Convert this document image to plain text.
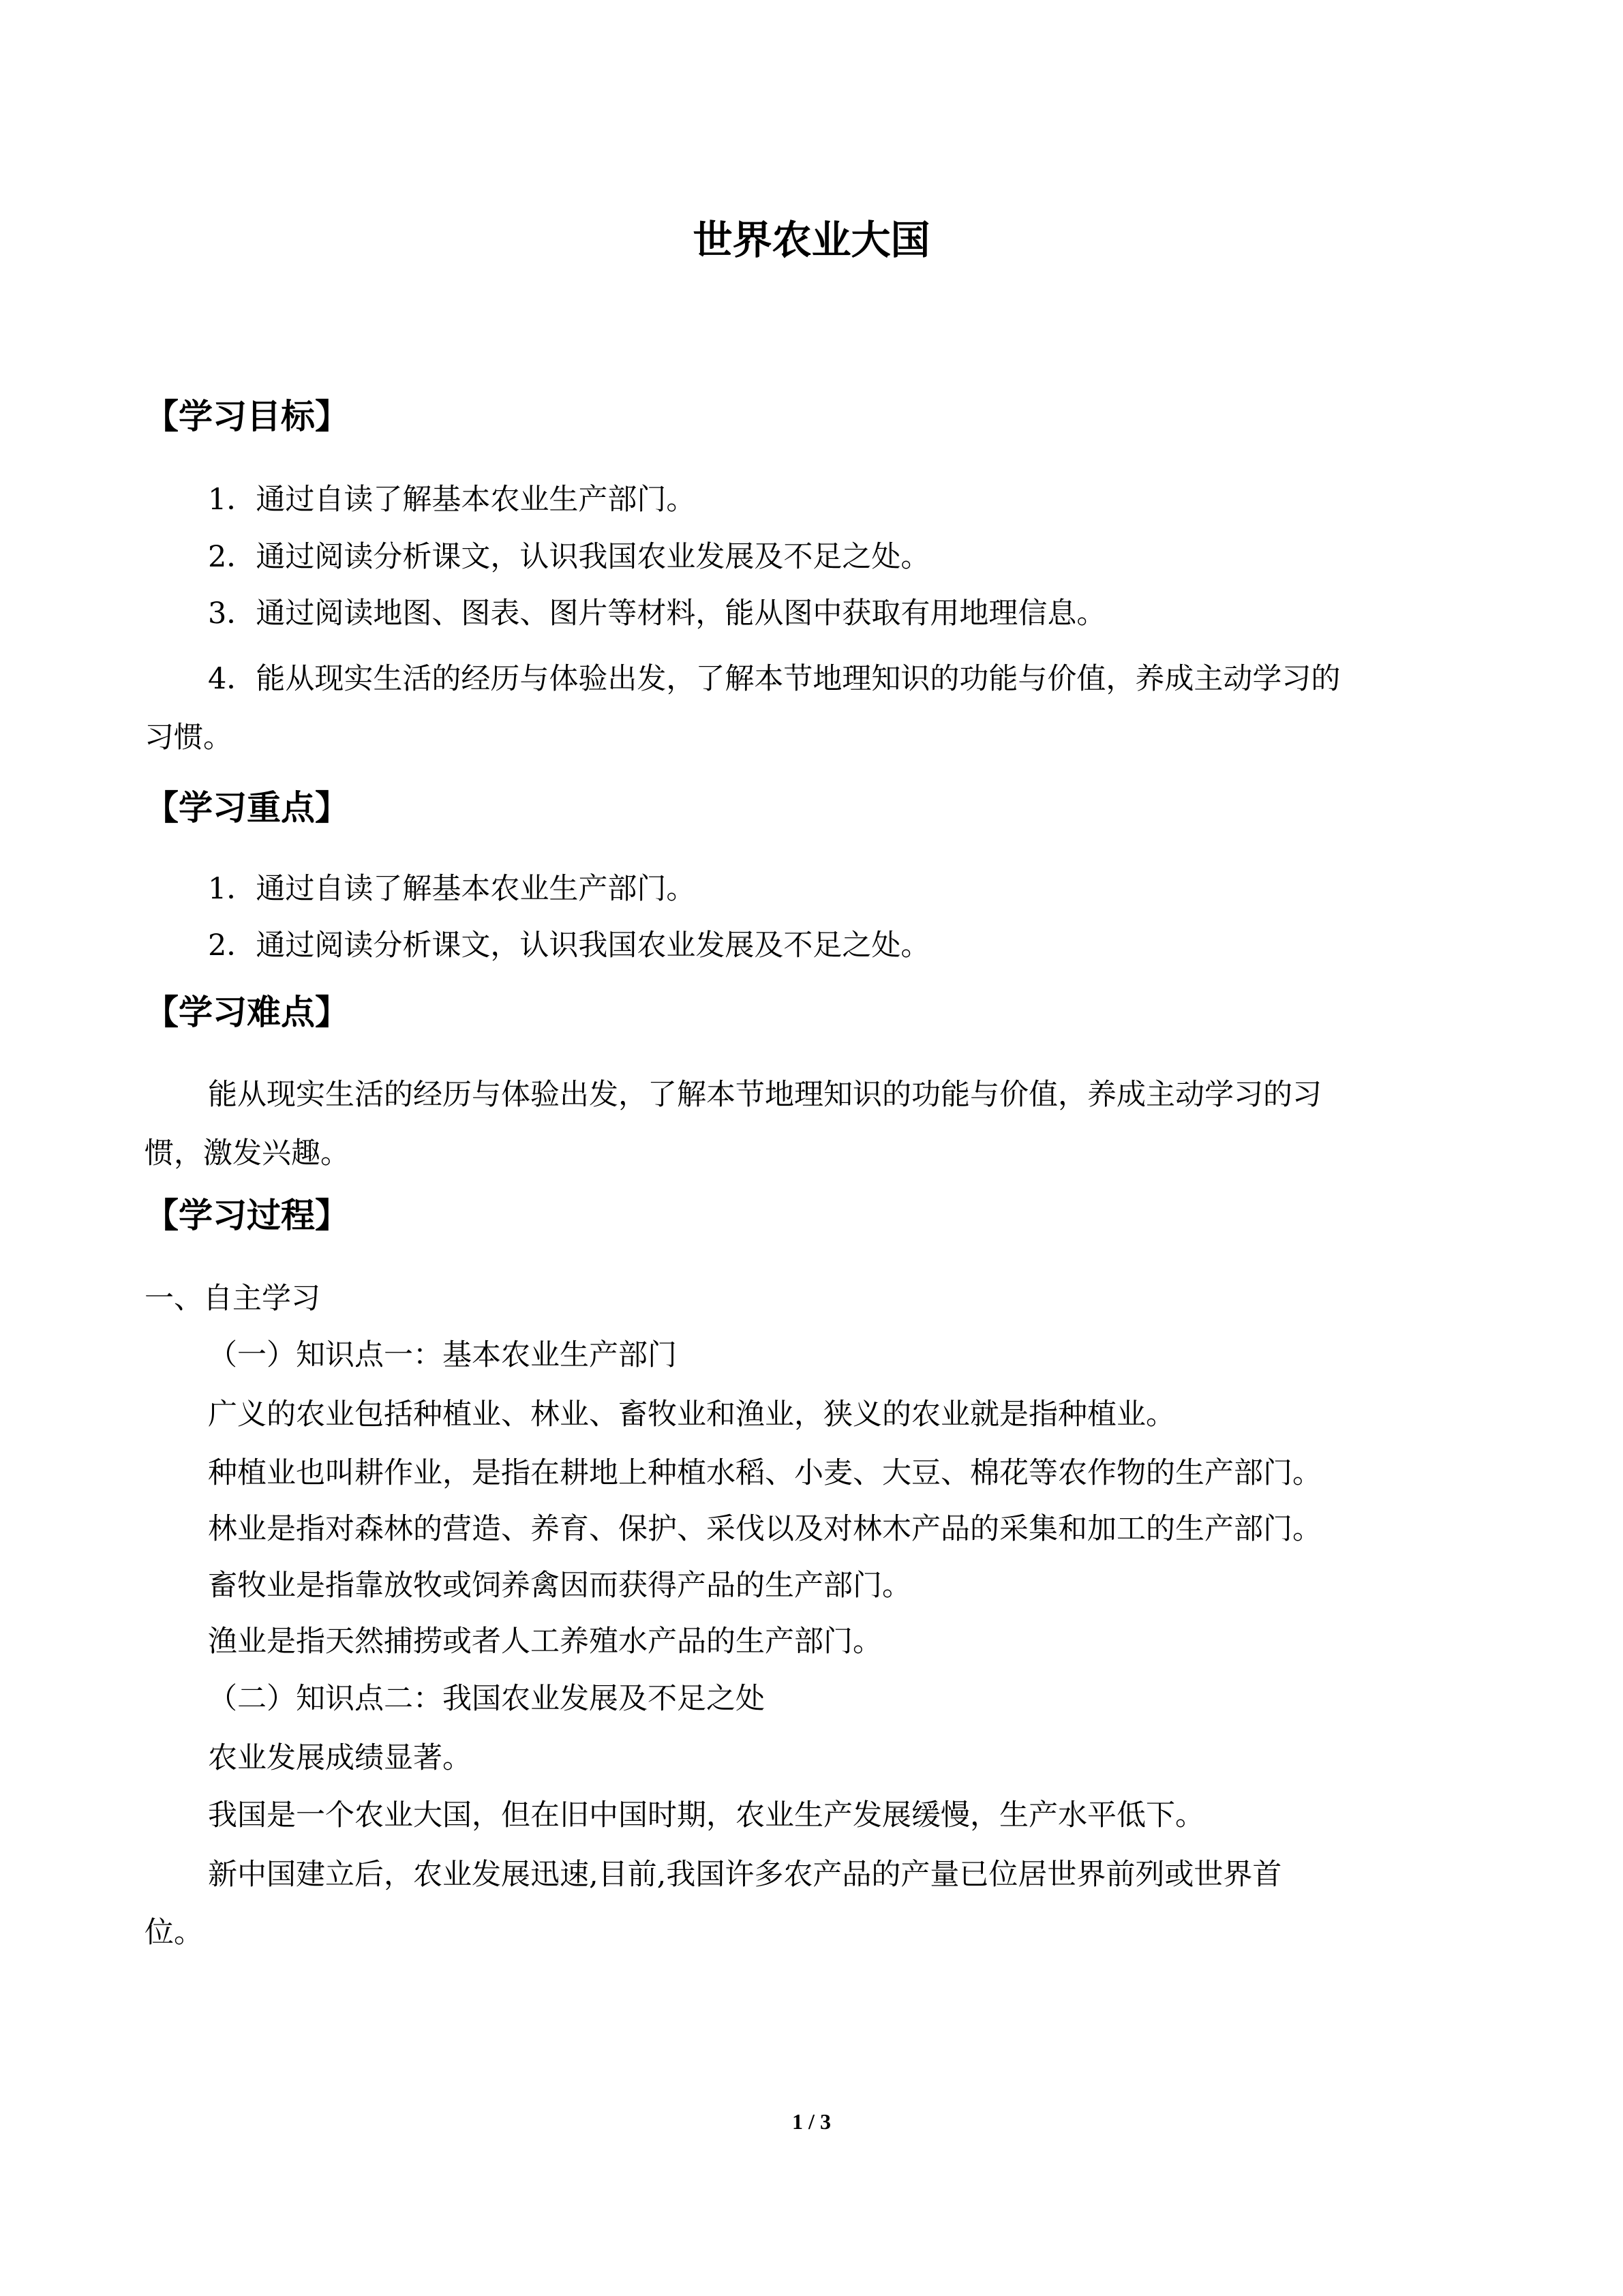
世界农业大国
【学习目标】

1．通过自读了解基本农业生产部门。

2．通过阅读分析课文，认识我国农业发展及不足之处。

3．通过阅读地图、图表、图片等材料，能从图中获取有用地理信息。

4．能从现实生活的经历与体验出发，了解本节地理知识的功能与价值，养成主动学习的

习惯。

【学习重点】

1．通过自读了解基本农业生产部门。

2．通过阅读分析课文，认识我国农业发展及不足之处。

【学习难点】

能从现实生活的经历与体验出发，了解本节地理知识的功能与价值，养成主动学习的习

惯，激发兴趣。

【学习过程】

一、自主学习

（一）知识点一：基本农业生产部门

广义的农业包括种植业、林业、畜牧业和渔业，狭义的农业就是指种植业。

种植业也叫耕作业，是指在耕地上种植水稻、小麦、大豆、棉花等农作物的生产部门。

林业是指对森林的营造、养育、保护、采伐以及对林木产品的采集和加工的生产部门。

畜牧业是指靠放牧或饲养禽因而获得产品的生产部门。

渔业是指天然捕捞或者人工养殖水产品的生产部门。

（二）知识点二：我国农业发展及不足之处

农业发展成绩显著。

我国是一个农业大国，但在旧中国时期，农业生产发展缓慢，生产水平低下。

新中国建立后，农业发展迅速,目前,我国许多农产品的产量已位居世界前列或世界首

位。

1 / 3
